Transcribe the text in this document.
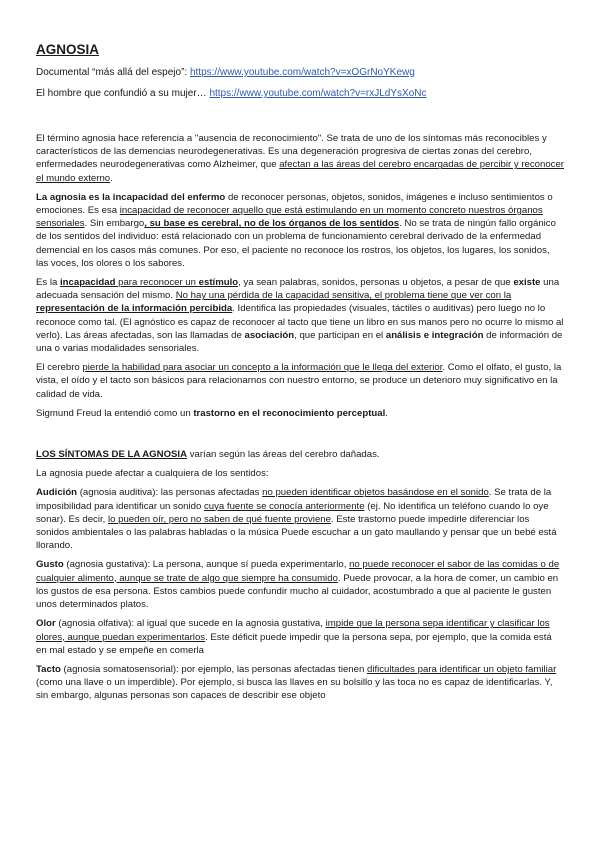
AGNOSIA
Documental “más allá del espejo”: https://www.youtube.com/watch?v=xOGrNoYKewg
El hombre que confundió a su mujer… https://www.youtube.com/watch?v=rxJLdYsXoNc

El término agnosia hace referencia a "ausencia de reconocimiento". Se trata de uno de los síntomas más reconocibles y característicos de las demencias neurodegenerativas. Es una degeneración progresiva de ciertas zonas del cerebro, enfermedades neurodegenerativas como Alzheimer, que afectan a las áreas del cerebro encargadas de percibir y reconocer el mundo externo.

La agnosia es la incapacidad del enfermo de reconocer personas, objetos, sonidos, imágenes e incluso sentimientos o emociones. Es esa incapacidad de reconocer aquello que está estimulando en un momento concreto nuestros órganos sensoriales. Sin embargo, su base es cerebral, no de los órganos de los sentidos. No se trata de ningún fallo orgánico de los sentidos del individuo: está relacionado con un problema de funcionamiento cerebral derivado de la enfermedad demencial en los casos más comunes. Por eso, el paciente no reconoce los rostros, los objetos, los lugares, los sonidos, las voces, los olores o los sabores.

Es la incapacidad para reconocer un estímulo, ya sean palabras, sonidos, personas u objetos, a pesar de que existe una adecuada sensación del mismo. No hay una pérdida de la capacidad sensitiva, el problema tiene que ver con la representación de la información percibida. Identifica las propiedades (visuales, táctiles o auditivas) pero luego no lo reconoce como tal. (El agnóstico es capaz de reconocer al tacto que tiene un libro en sus manos pero no ocurre lo mismo al verlo). Las áreas afectadas, son las llamadas de asociación, que participan en el análisis e integración de información de una o varias modalidades sensoriales.

El cerebro pierde la habilidad para asociar un concepto a la información que le llega del exterior. Como el olfato, el gusto, la vista, el oído y el tacto son básicos para relacionarnos con nuestro entorno, se produce un deterioro muy significativo en la calidad de vida.

Sigmund Freud la entendió como un trastorno en el reconocimiento perceptual.

LOS SÍNTOMAS DE LA AGNOSIA varían según las áreas del cerebro dañadas.

La agnosia puede afectar a cualquiera de los sentidos:

Audición (agnosia auditiva): las personas afectadas no pueden identificar objetos basándose en el sonido. Se trata de la imposibilidad para identificar un sonido cuya fuente se conocía anteriormente (ej. No identifica un teléfono cuando lo oye sonar). Es decir, lo pueden oír, pero no saben de qué fuente proviene. Este trastorno puede impedirle diferenciar los sonidos ambientales o las palabras habladas o la música Puede escuchar a un gato maullando y pensar que un bebé está llorando.

Gusto (agnosia gustativa): La persona, aunque sí pueda experimentarlo, no puede reconocer el sabor de las comidas o de cualquier alimento, aunque se trate de algo que siempre ha consumido. Puede provocar, a la hora de comer, un cambio en los gustos de esa persona. Estos cambios puede confundir mucho al cuidador, acostumbrado a que al paciente le gusten unos determinados platos.

Olor (agnosia olfativa): al igual que sucede en la agnosia gustativa, impide que la persona sepa identificar y clasificar los olores, aunque puedan experimentarlos. Este déficit puede impedir que la persona sepa, por ejemplo, que la comida está en mal estado y se empeñe en comerla

Tacto (agnosia somatosensorial): por ejemplo, las personas afectadas tienen dificultades para identificar un objeto familiar (como una llave o un imperdible). Por ejemplo, si busca las llaves en su bolsillo y las toca no es capaz de identificarlas. Y, sin embargo, algunas personas son capaces de describir ese objeto
